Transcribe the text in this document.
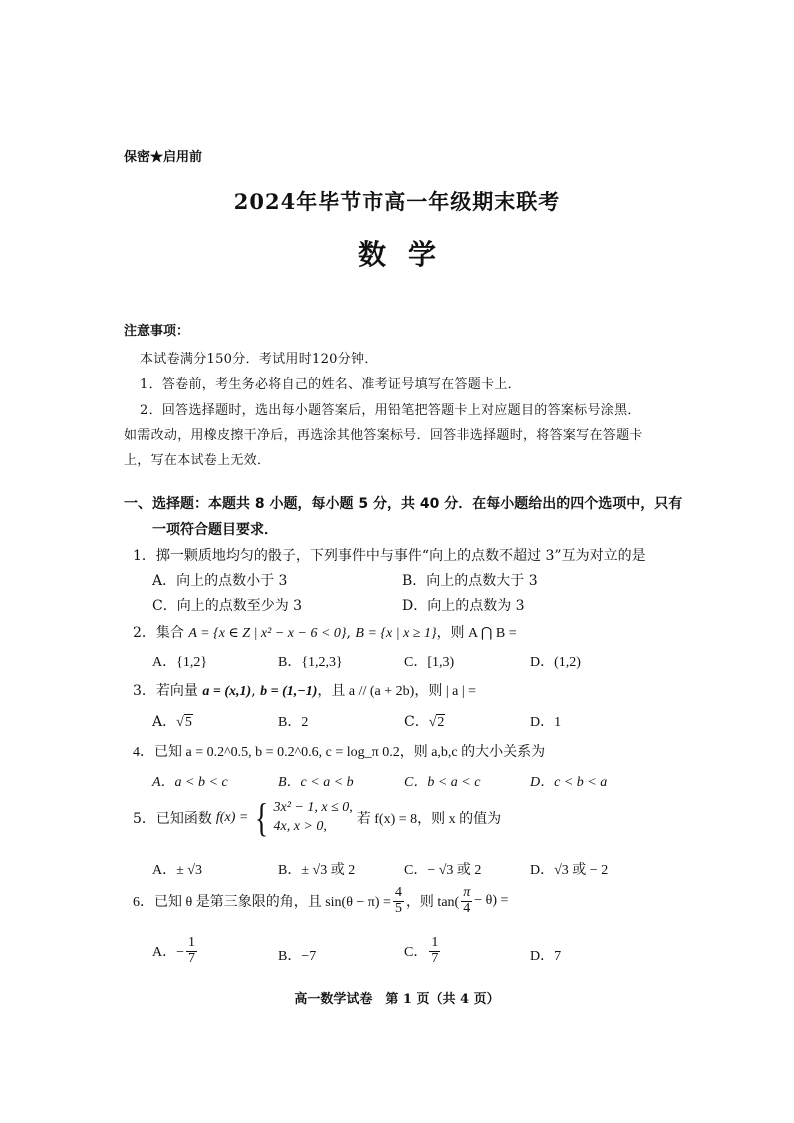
保密★启用前
2024年毕节市高一年级期末联考
数学
注意事项：
本试卷满分150分．考试用时120分钟．
1．答卷前，考生务必将自己的姓名、准考证号填写在答题卡上．
2．回答选择题时，选出每小题答案后，用铅笔把答题卡上对应题目的答案标号涂黑．
如需改动，用橡皮擦干净后，再选涂其他答案标号．回答非选择题时，将答案写在答题卡
上，写在本试卷上无效．
一、选择题：本题共 8 小题，每小题 5 分，共 40 分．在每小题给出的四个选项中，只有
一项符合题目要求．
1．掷一颗质地均匀的骰子，下列事件中与事件“向上的点数不超过 3”互为对立的是
A．向上的点数小于 3	B．向上的点数大于 3
C．向上的点数至少为 3	D．向上的点数为 3
2．集合 A = {x ∈ Z | x² − x − 6 < 0}, B = {x | x ≥ 1}，则 A ⋂ B =
A．{1,2}	B．{1,2,3}	C．[1,3)	D．(1,2)
3．若向量 a = (x,1), b = (1,−1)，且 a // (a + 2b)，则 | a | =
A．√5	B．2	C．√2	D．1
4．已知 a = 0.2^0.5, b = 0.2^0.6, c = log_π 0.2，则 a,b,c 的大小关系为
A．a < b < c	B．c < a < b	C．b < a < c	D．c < b < a
5．已知函数 f(x) = { 3x² − 1, x ≤ 0,
4x, x > 0,	若 f(x) = 8，则 x 的值为
A．± √3	B．± √3 或 2	C．− √3 或 2	D．√3 或 − 2
6．已知 θ 是第三象限的角，且 $\sin(\theta - \pi) = \frac{4}{5}$ ，则 $\tan( \frac{\pi}{4} - \theta)$ =
A．− $\frac{1}{7}$	B．−7	C． $\frac{1}{7}$	D．7
高一数学试卷　第 1 页（共 4 页）
